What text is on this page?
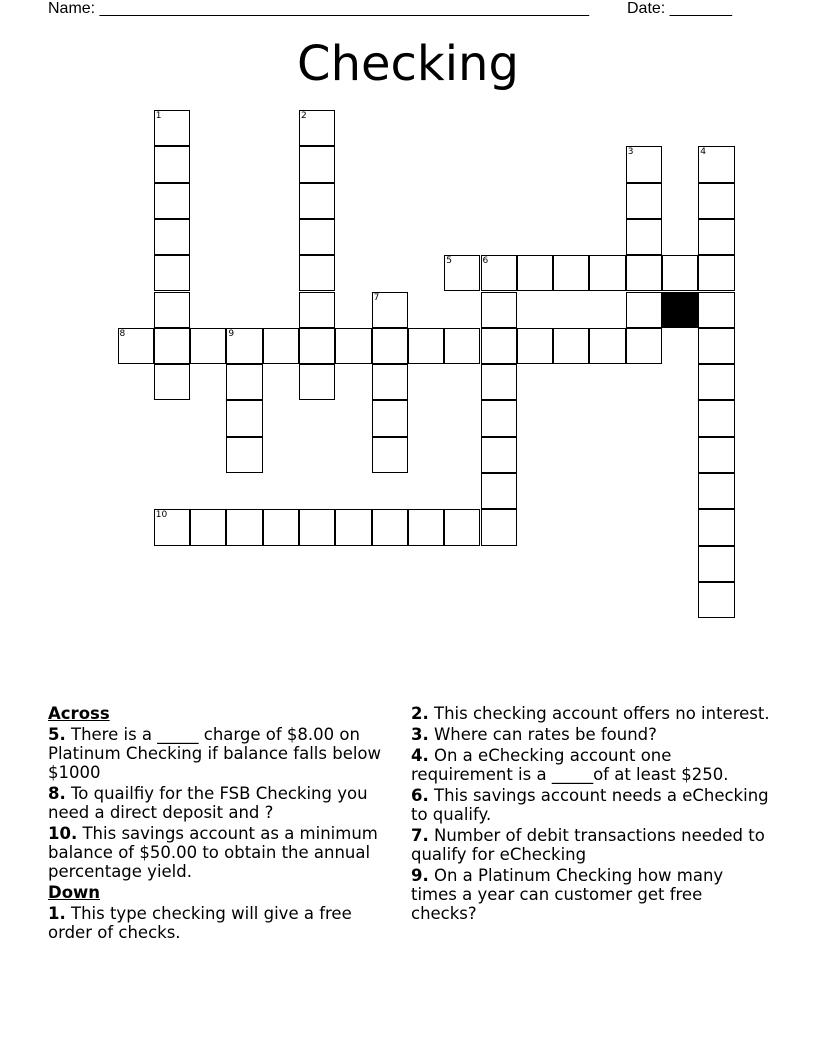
Name: _______________________________________________________ Date: _______
Checking
1	2
3	4
5	6
7
8	9
10
Across
5. There is a _____ charge of $8.00 on Platinum Checking if balance falls below $1000
8. To quailfiy for the FSB Checking you need a direct deposit and ?
10. This savings account as a minimum balance of $50.00 to obtain the annual percentage yield.
Down
1. This type checking will give a free order of checks.
2. This checking account offers no interest.
3. Where can rates be found?
4. On a eChecking account one requirement is a _____of at least $250.
6. This savings account needs a eChecking to qualify.
7. Number of debit transactions needed to qualify for eChecking
9. On a Platinum Checking how many times a year can customer get free checks?
